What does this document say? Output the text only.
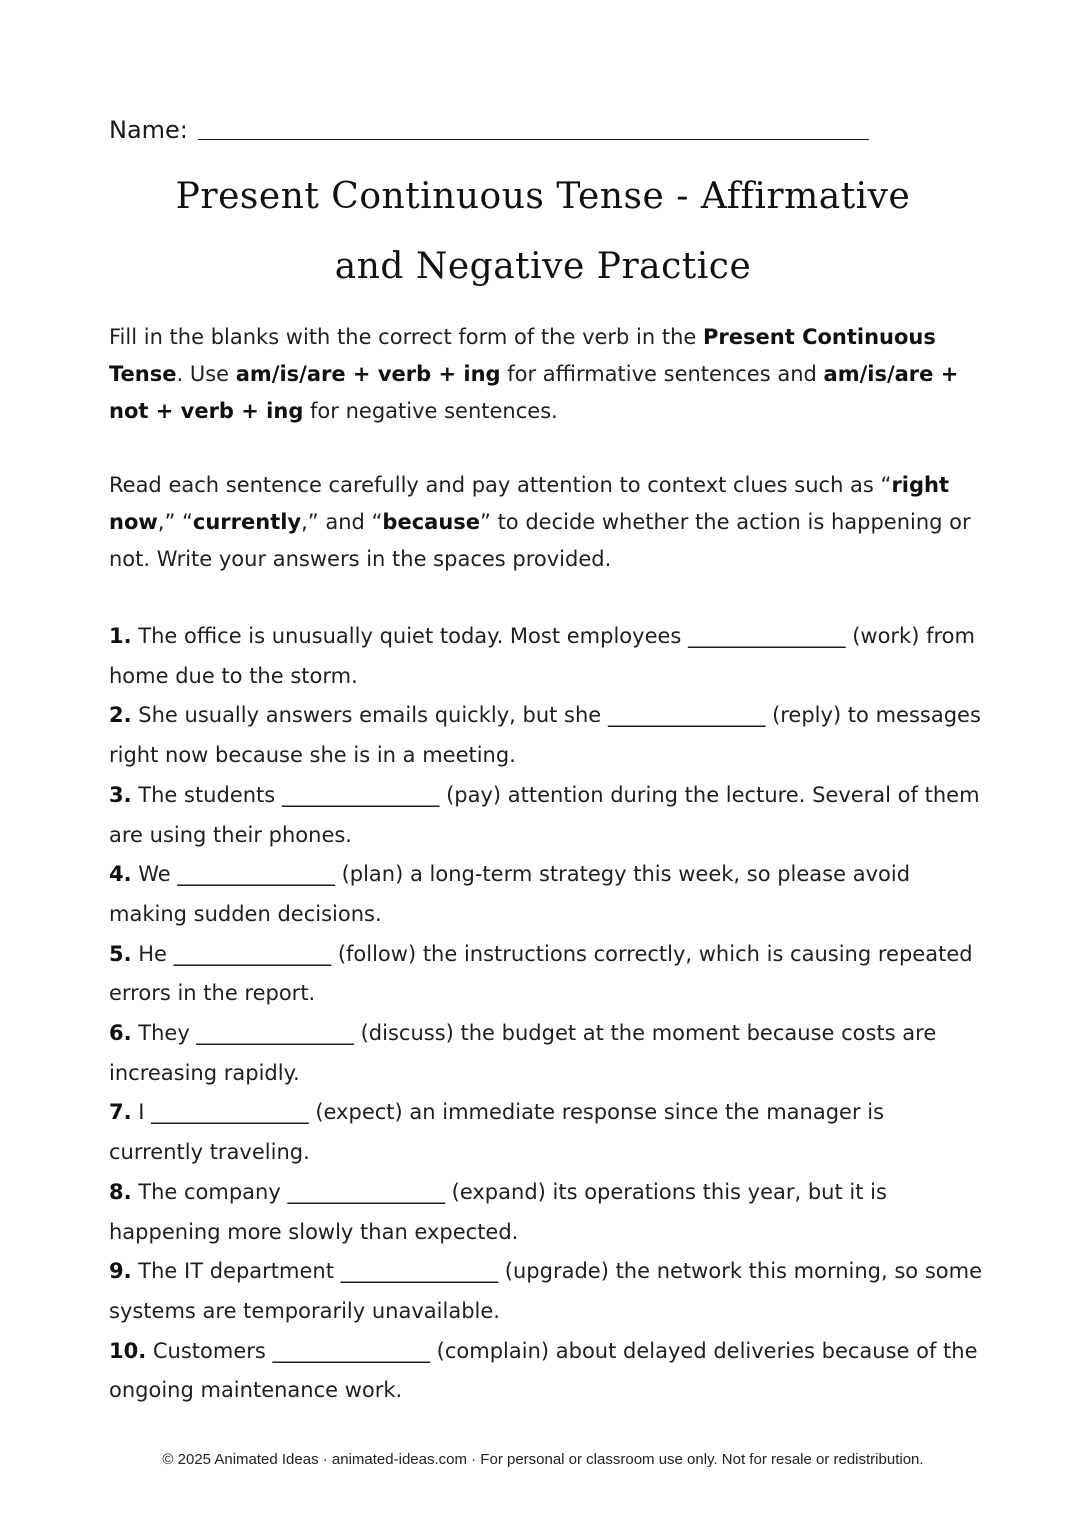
Name:
Present Continuous Tense - Affirmative
and Negative Practice

Fill in the blanks with the correct form of the verb in the Present Continuous Tense. Use am/is/are + verb + ing for affirmative sentences and am/is/are + not + verb + ing for negative sentences.

Read each sentence carefully and pay attention to context clues such as “right now,” “currently,” and “because” to decide whether the action is happening or not. Write your answers in the spaces provided.

1. The office is unusually quiet today. Most employees _______________ (work) from home due to the storm.

2. She usually answers emails quickly, but she _______________ (reply) to messages right now because she is in a meeting.

3. The students _______________ (pay) attention during the lecture. Several of them are using their phones.

4. We _______________ (plan) a long-term strategy this week, so please avoid making sudden decisions.

5. He _______________ (follow) the instructions correctly, which is causing repeated errors in the report.

6. They _______________ (discuss) the budget at the moment because costs are increasing rapidly.

7. I _______________ (expect) an immediate response since the manager is currently traveling.

8. The company _______________ (expand) its operations this year, but it is happening more slowly than expected.

9. The IT department _______________ (upgrade) the network this morning, so some systems are temporarily unavailable.

10. Customers _______________ (complain) about delayed deliveries because of the ongoing maintenance work.

© 2025 Animated Ideas · animated-ideas.com · For personal or classroom use only. Not for resale or redistribution.
